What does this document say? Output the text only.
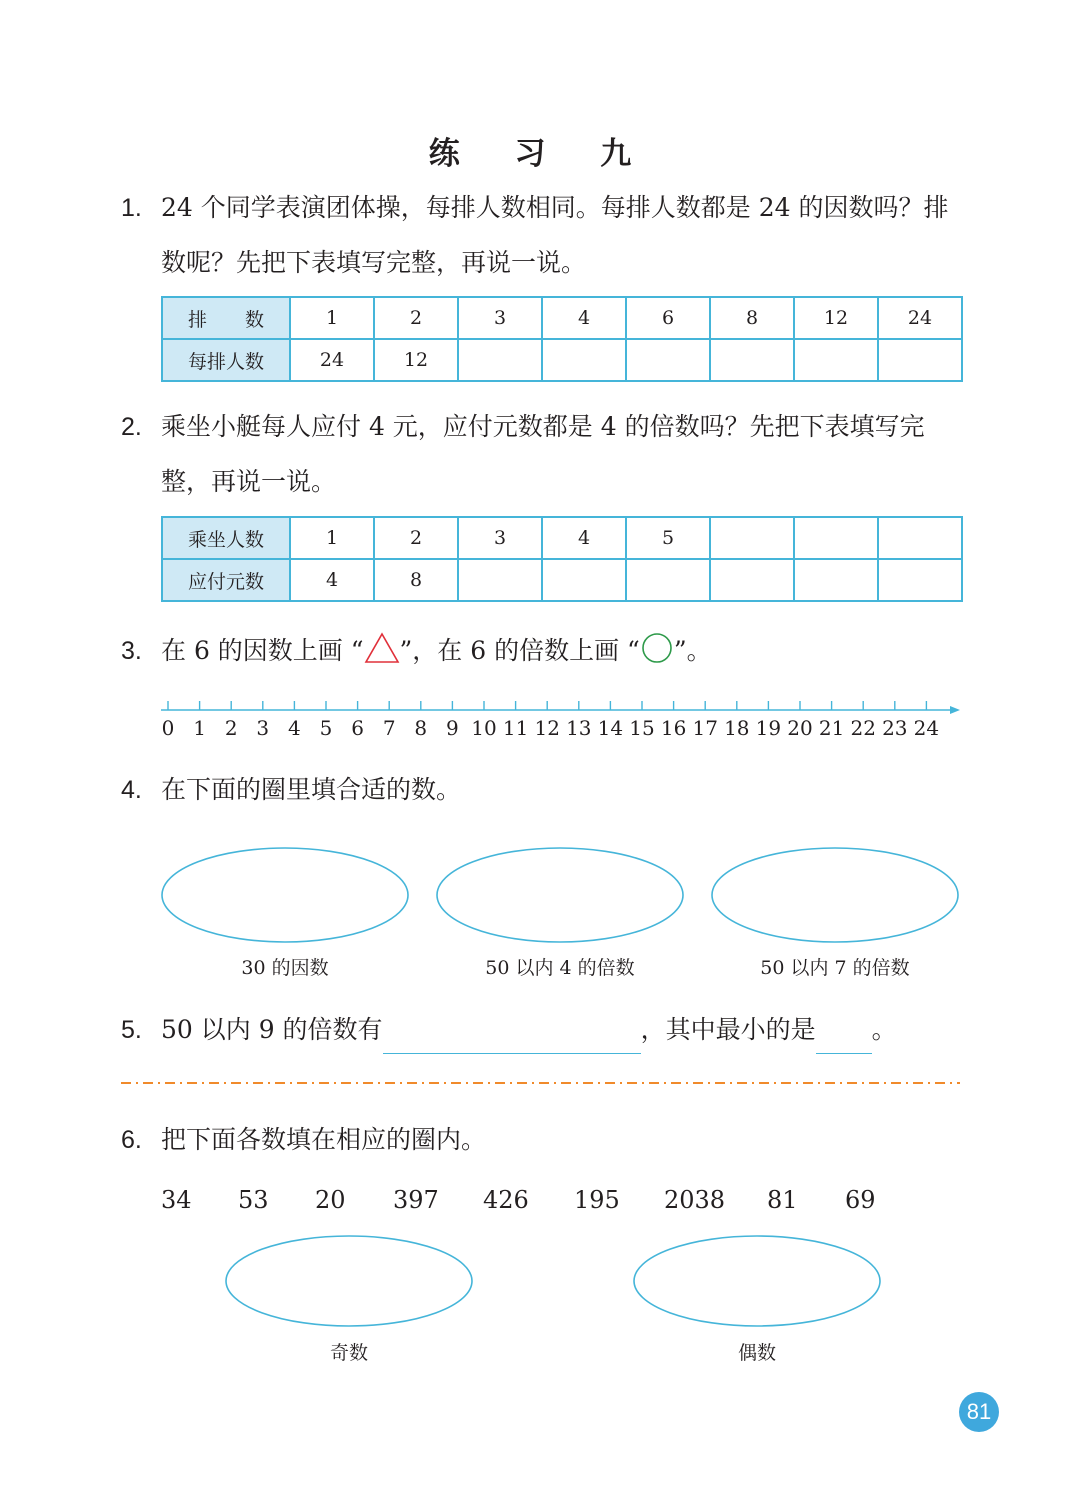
练 习 九
1. 24 个同学表演团体操，每排人数相同。每排人数都是 24 的因数吗？排
数呢？先把下表填写完整，再说一说。
排　　数	1	2	3	4	6	8	12	24
每排人数	24	12						
2. 乘坐小艇每人应付 4 元，应付元数都是 4 的倍数吗？先把下表填写完
整，再说一说。
乘坐人数	1	2	3	4	5			
应付元数	4	8						
3. 在 6 的因数上画 “ ”，在 6 的倍数上画 “ ”。
0 1 2 3 4 5 6 7 8 9 10 11 12 13 14 15 16 17 18 19 20 21 22 23 24
4. 在下面的圈里填合适的数。
30 的因数	50 以内 4 的倍数	50 以内 7 的倍数
5. 50 以内 9 的倍数有	，其中最小的是 。
6. 把下面各数填在相应的圈内。
34 53 20 397 426 195 2038 81 69
奇数	偶数
81
